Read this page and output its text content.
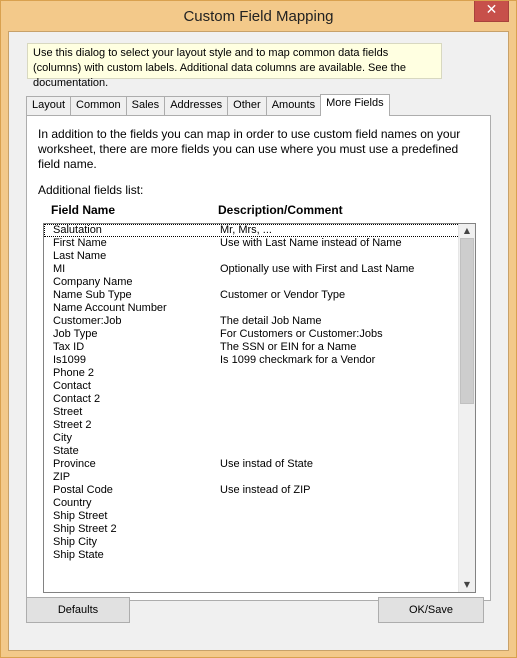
Custom Field Mapping	✕
Use this dialog to select your layout style and to map common data fields (columns) with custom labels. Additional data columns are available. See the documentation.
Layout	Common	Sales	Addresses	Other	Amounts	More Fields
In addition to the fields you can map in order to use custom field names on your worksheet, there are more fields you can use where you must use a predefined field name.
Additional fields list:
Field Name	Description/Comment
Salutation	Mr, Mrs, ...
First Name	Use with Last Name instead of Name
Last Name
MI	Optionally use with First and Last Name
Company Name
Name Sub Type	Customer or Vendor Type
Name Account Number
Customer:Job	The detail Job Name
Job Type	For Customers or Customer:Jobs
Tax ID	The SSN or EIN for a Name
Is1099	Is 1099 checkmark for a Vendor
Phone 2
Contact
Contact 2
Street
Street 2
City
State
Province	Use instad of State
ZIP
Postal Code	Use instead of ZIP
Country
Ship Street
Ship Street 2
Ship City
Ship State
▲
▼
Defaults	OK/Save
